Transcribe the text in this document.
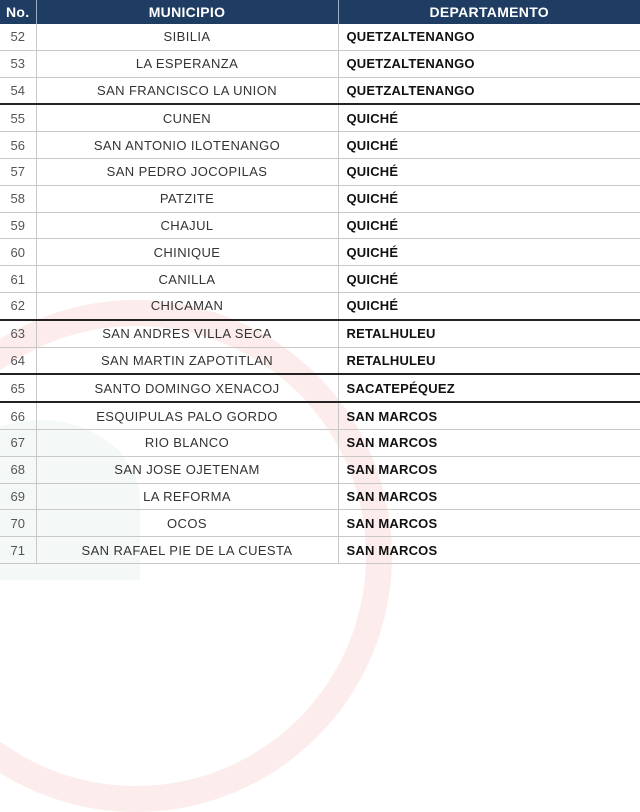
No.	MUNICIPIO	DEPARTAMENTO
52	SIBILIA	QUETZALTENANGO
53	LA ESPERANZA	QUETZALTENANGO
54	SAN FRANCISCO LA UNION	QUETZALTENANGO
55	CUNEN	QUICHÉ
56	SAN ANTONIO ILOTENANGO	QUICHÉ
57	SAN PEDRO JOCOPILAS	QUICHÉ
58	PATZITE	QUICHÉ
59	CHAJUL	QUICHÉ
60	CHINIQUE	QUICHÉ
61	CANILLA	QUICHÉ
62	CHICAMAN	QUICHÉ
63	SAN ANDRES VILLA SECA	RETALHULEU
64	SAN MARTIN ZAPOTITLAN	RETALHULEU
65	SANTO DOMINGO XENACOJ	SACATEPÉQUEZ
66	ESQUIPULAS PALO GORDO	SAN MARCOS
67	RIO BLANCO	SAN MARCOS
68	SAN JOSE OJETENAM	SAN MARCOS
69	LA REFORMA	SAN MARCOS
70	OCOS	SAN MARCOS
71	SAN RAFAEL PIE DE LA CUESTA	SAN MARCOS
